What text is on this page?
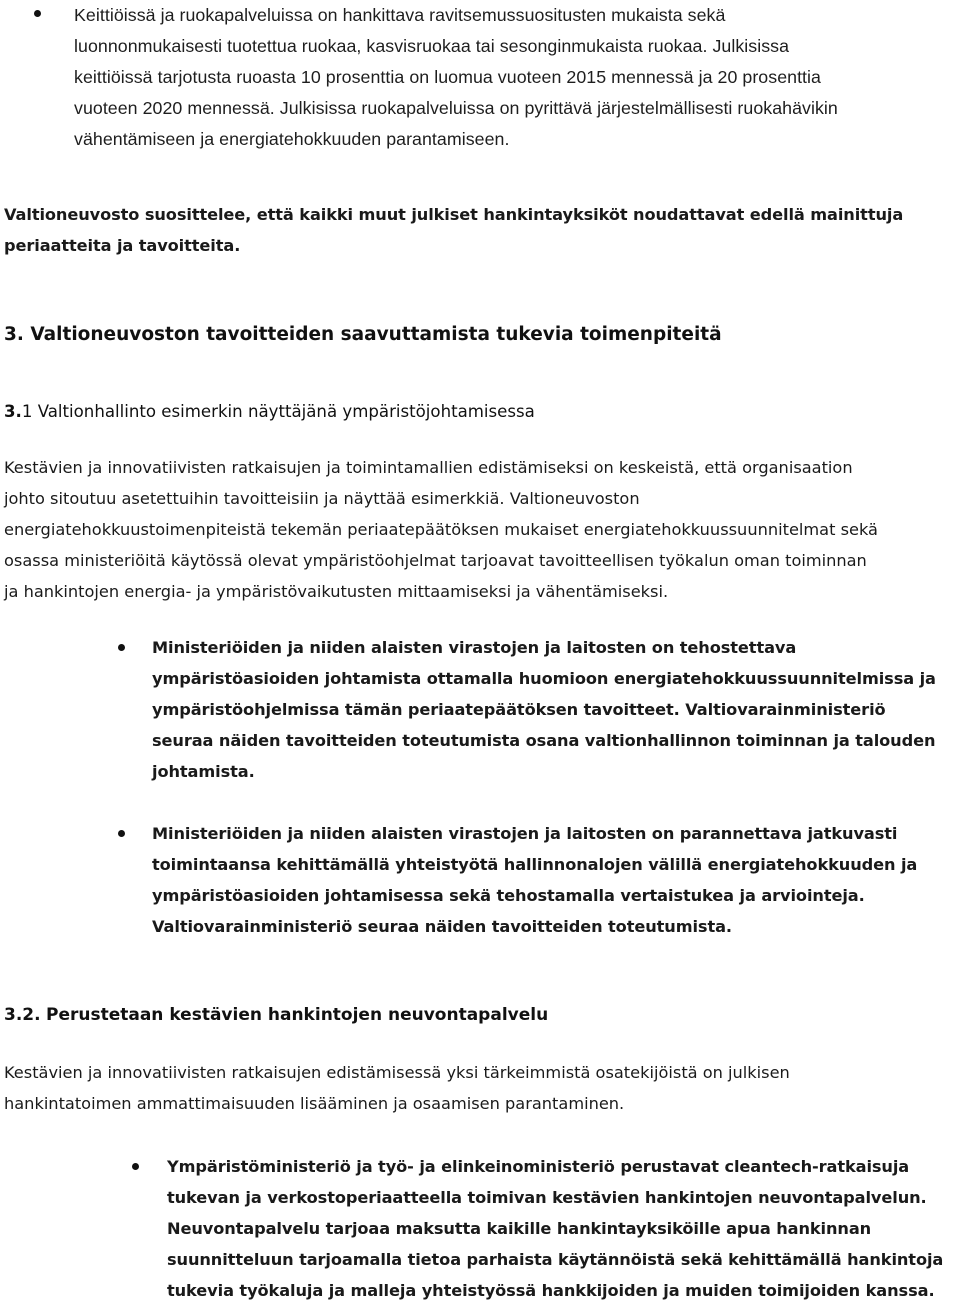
Keittiöissä ja ruokapalveluissa on hankittava ravitsemussuositusten mukaista sekä
luonnonmukaisesti tuotettua ruokaa, kasvisruokaa tai sesonginmukaista ruokaa. Julkisissa
keittiöissä tarjotusta ruoasta 10 prosenttia on luomua vuoteen 2015 mennessä ja 20 prosenttia
vuoteen 2020 mennessä. Julkisissa ruokapalveluissa on pyrittävä järjestelmällisesti ruokahävikin
vähentämiseen ja energiatehokkuuden parantamiseen.
Valtioneuvosto suosittelee, että kaikki muut julkiset hankintayksiköt noudattavat edellä mainittuja
periaatteita ja tavoitteita.
3. Valtioneuvoston tavoitteiden saavuttamista tukevia toimenpiteitä
3.1 Valtionhallinto esimerkin näyttäjänä ympäristöjohtamisessa
Kestävien ja innovatiivisten ratkaisujen ja toimintamallien edistämiseksi on keskeistä, että organisaation
johto sitoutuu asetettuihin tavoitteisiin ja näyttää esimerkkiä. Valtioneuvoston
energiatehokkuustoimenpiteistä tekemän periaatepäätöksen mukaiset energiatehokkuussuunnitelmat sekä
osassa ministeriöitä käytössä olevat ympäristöohjelmat tarjoavat tavoitteellisen työkalun oman toiminnan
ja hankintojen energia- ja ympäristövaikutusten mittaamiseksi ja vähentämiseksi.
Ministeriöiden ja niiden alaisten virastojen ja laitosten on tehostettava
ympäristöasioiden johtamista ottamalla huomioon energiatehokkuussuunnitelmissa ja
ympäristöohjelmissa tämän periaatepäätöksen tavoitteet. Valtiovarainministeriö
seuraa näiden tavoitteiden toteutumista osana valtionhallinnon toiminnan ja talouden
johtamista.
Ministeriöiden ja niiden alaisten virastojen ja laitosten on parannettava jatkuvasti
toimintaansa kehittämällä yhteistyötä hallinnonalojen välillä energiatehokkuuden ja
ympäristöasioiden johtamisessa sekä tehostamalla vertaistukea ja arviointeja.
Valtiovarainministeriö seuraa näiden tavoitteiden toteutumista.
3.2. Perustetaan kestävien hankintojen neuvontapalvelu
Kestävien ja innovatiivisten ratkaisujen edistämisessä yksi tärkeimmistä osatekijöistä on julkisen
hankintatoimen ammattimaisuuden lisääminen ja osaamisen parantaminen.
Ympäristöministeriö ja työ- ja elinkeinoministeriö perustavat cleantech-ratkaisuja
tukevan ja verkostoperiaatteella toimivan kestävien hankintojen neuvontapalvelun.
Neuvontapalvelu tarjoaa maksutta kaikille hankintayksiköille apua hankinnan
suunnitteluun tarjoamalla tietoa parhaista käytännöistä sekä kehittämällä hankintoja
tukevia työkaluja ja malleja yhteistyössä hankkijoiden ja muiden toimijoiden kanssa.
